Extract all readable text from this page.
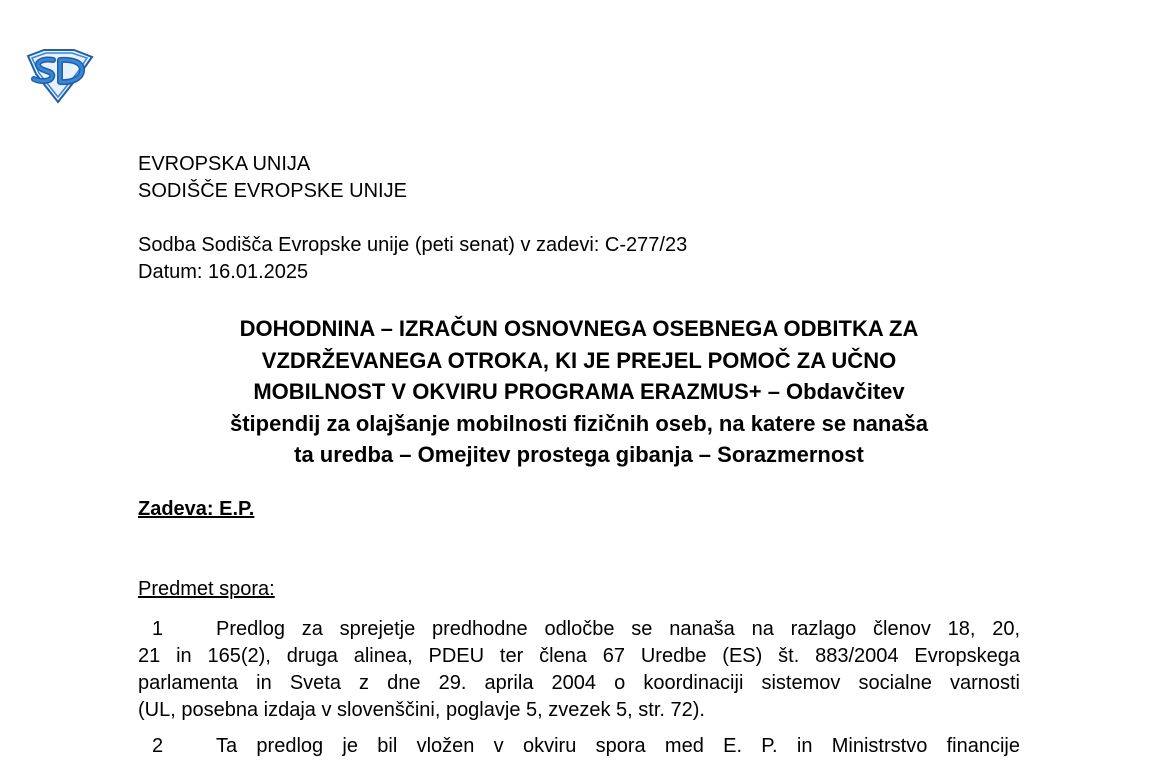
EVROPSKA UNIJA
SODIŠČE EVROPSKE UNIJE
Sodba Sodišča Evropske unije (peti senat) v zadevi: C-277/23
Datum: 16.01.2025
DOHODNINA – IZRAČUN OSNOVNEGA OSEBNEGA ODBITKA ZA
VZDRŽEVANEGA OTROKA, KI JE PREJEL POMOČ ZA UČNO
MOBILNOST V OKVIRU PROGRAMA ERAZMUS+ – Obdavčitev
štipendij za olajšanje mobilnosti fizičnih oseb, na katere se nanaša
ta uredba – Omejitev prostega gibanja – Sorazmernost
Zadeva: E.P.
Predmet spora:
1	Predlog za sprejetje predhodne odločbe se nanaša na razlago členov 18, 20,
21 in 165(2), druga alinea, PDEU ter člena 67 Uredbe (ES) št. 883/2004 Evropskega
parlamenta in Sveta z dne 29. aprila 2004 o koordinaciji sistemov socialne varnosti
(UL, posebna izdaja v slovenščini, poglavje 5, zvezek 5, str. 72).
2	Ta predlog je bil vložen v okviru spora med E. P. in Ministrstvo financije
